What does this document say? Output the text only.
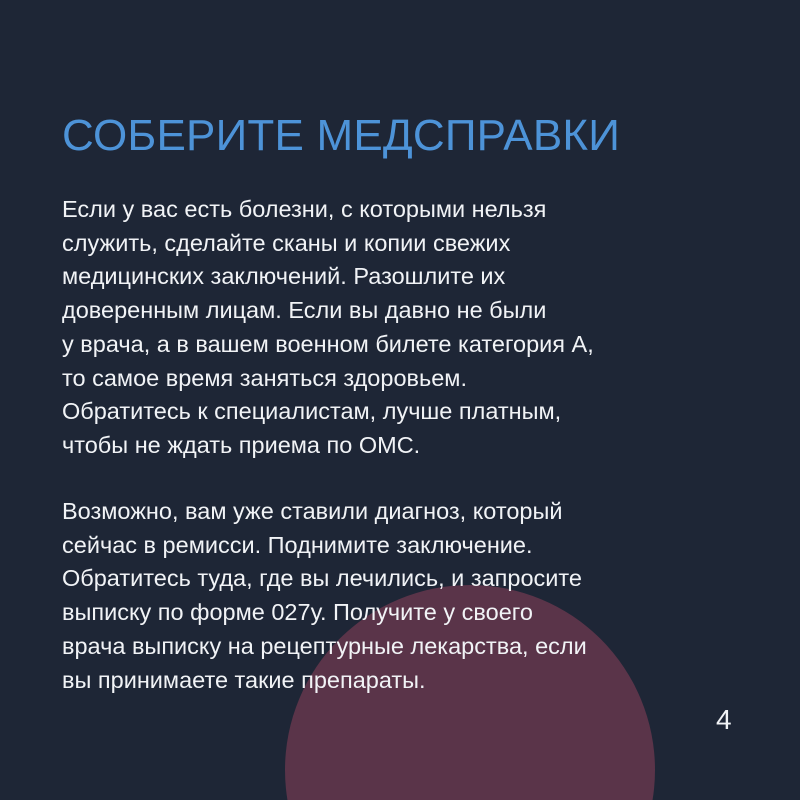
СОБЕРИТЕ МЕДСПРАВКИ

Если у вас есть болезни, с которыми нельзя
служить, сделайте сканы и копии свежих
медицинских заключений. Разошлите их
доверенным лицам. Если вы давно не были
у врача, а в вашем военном билете категория А,
то самое время заняться здоровьем.
Обратитесь к специалистам, лучше платным,
чтобы не ждать приема по ОМС.

Возможно, вам уже ставили диагноз, который
сейчас в ремисси. Поднимите заключение.
Обратитесь туда, где вы лечились, и запросите
выписку по форме 027у. Получите у своего
врача выписку на рецептурные лекарства, если
вы принимаете такие препараты.

4
